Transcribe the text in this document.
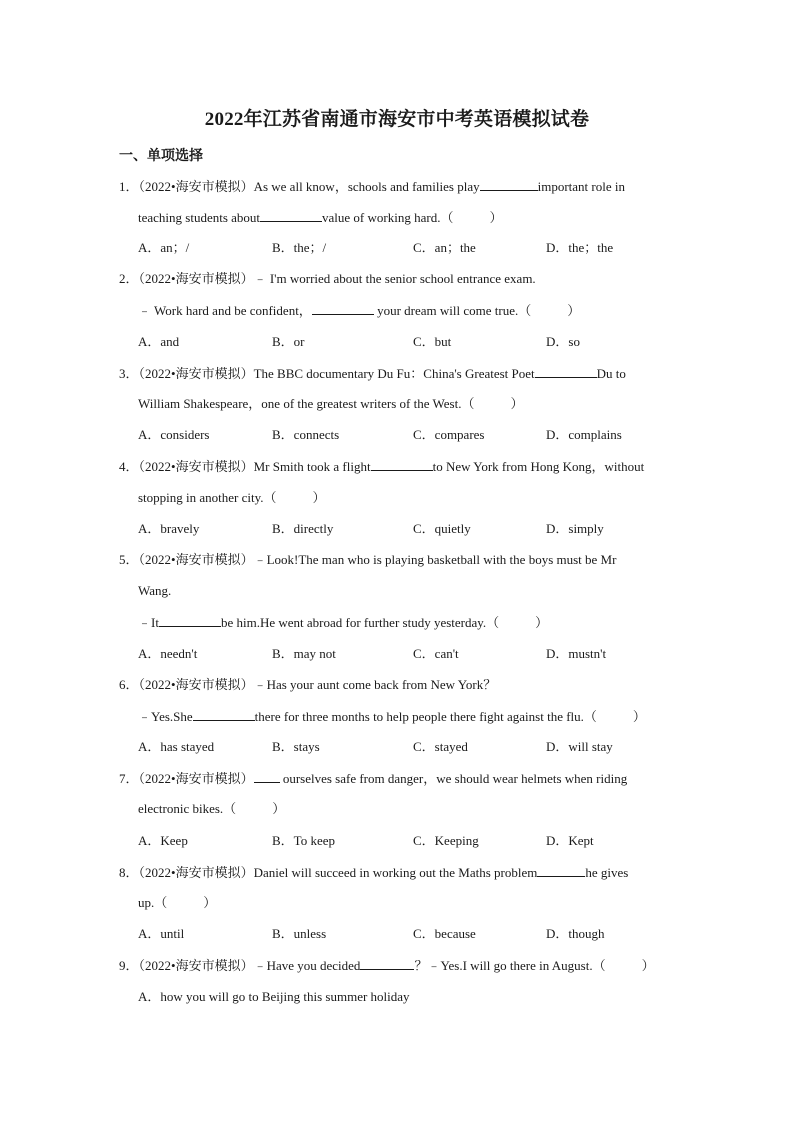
2022年江苏省南通市海安市中考英语模拟试卷
一、单项选择
1．（2022•海安市模拟）As we all know，schools and families play	important role in
teaching students about	value of working hard.（	）
A．an；/	B．the；/	C．an；the	D．the；the
2．（2022•海安市模拟）﹣ I'm worried about the senior school entrance exam.
﹣ Work hard and be confident，	your dream will come true.（	）
A．and	B．or	C．but	D．so
3．（2022•海安市模拟）The BBC documentary Du Fu：China's Greatest Poet	Du to
William Shakespeare，one of the greatest writers of the West.（	）
A．considers	B．connects	C．compares	D．complains
4．（2022•海安市模拟）Mr Smith took a flight	to New York from Hong Kong，without
stopping in another city.（	）
A．bravely	B．directly	C．quietly	D．simply
5．（2022•海安市模拟）﹣Look!The man who is playing basketball with the boys must be Mr
Wang.
﹣It	be him.He went abroad for further study yesterday.（	）
A．needn't	B．may not	C．can't	D．mustn't
6．（2022•海安市模拟）﹣Has your aunt come back from New York？
﹣Yes.She	there for three months to help people there fight against the flu.（	）
A．has stayed	B．stays	C．stayed	D．will stay
7．（2022•海安市模拟） ourselves safe from danger，we should wear helmets when riding
electronic bikes.（	）
A．Keep	B．To keep	C．Keeping	D．Kept
8．（2022•海安市模拟）Daniel will succeed in working out the Maths problem	he gives
up.（	）
A．until	B．unless	C．because	D．though
9．（2022•海安市模拟）﹣Have you decided	？﹣Yes.I will go there in August.（	）
A．how you will go to Beijing this summer holiday
